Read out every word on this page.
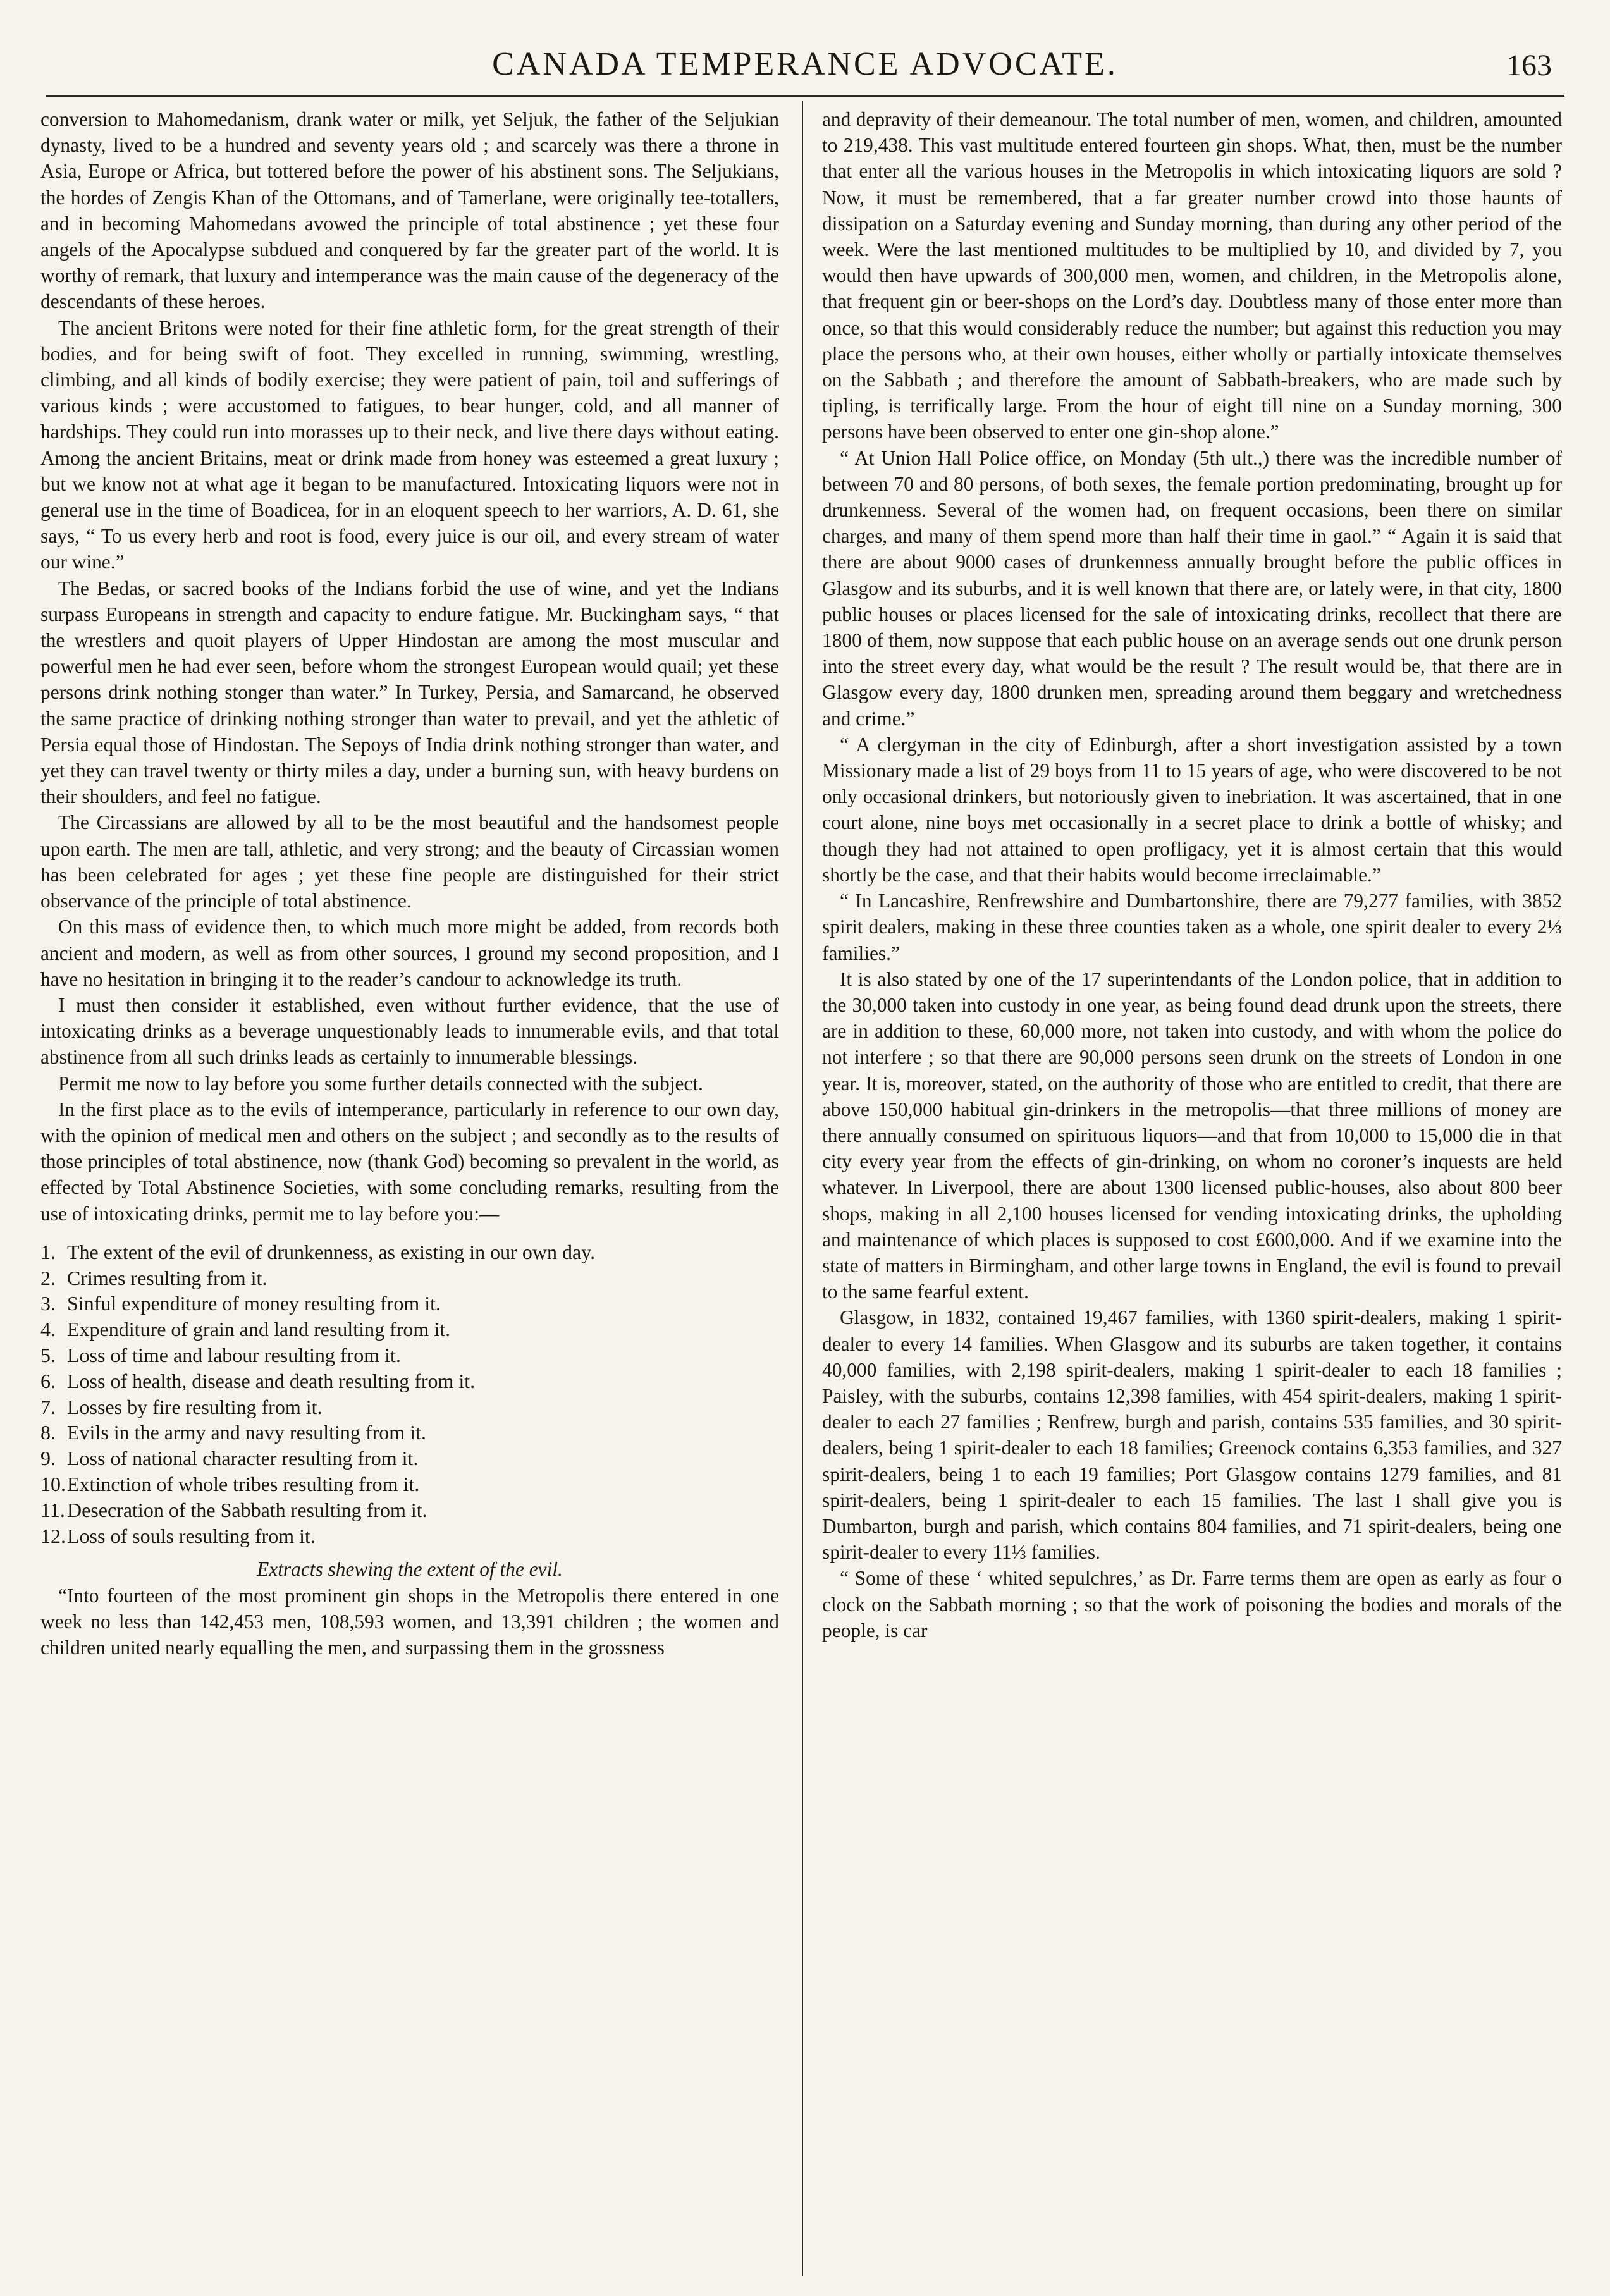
CANADA TEMPERANCE ADVOCATE.	163

conversion to Mahomedanism, drank water or milk, yet Seljuk, the father of the Seljukian dynasty, lived to be a hundred and seventy years old ; and scarcely was there a throne in Asia, Europe or Africa, but tottered before the power of his abstinent sons. The Seljukians, the hordes of Zengis Khan of the Ottomans, and of Tamerlane, were originally tee-totallers, and in becoming Mahomedans avowed the principle of total abstinence ; yet these four angels of the Apocalypse subdued and conquered by far the greater part of the world. It is worthy of remark, that luxury and intemperance was the main cause of the degeneracy of the descendants of these heroes.

The ancient Britons were noted for their fine athletic form, for the great strength of their bodies, and for being swift of foot. They excelled in running, swimming, wrestling, climbing, and all kinds of bodily exercise; they were patient of pain, toil and sufferings of various kinds ; were accustomed to fatigues, to bear hunger, cold, and all manner of hardships. They could run into morasses up to their neck, and live there days without eating. Among the ancient Britains, meat or drink made from honey was esteemed a great luxury ; but we know not at what age it began to be manufactured. Intoxicating liquors were not in general use in the time of Boadicea, for in an eloquent speech to her warriors, A. D. 61, she says, “ To us every herb and root is food, every juice is our oil, and every stream of water our wine.”

The Bedas, or sacred books of the Indians forbid the use of wine, and yet the Indians surpass Europeans in strength and capacity to endure fatigue. Mr. Buckingham says, “ that the wrestlers and quoit players of Upper Hindostan are among the most muscular and powerful men he had ever seen, before whom the strongest European would quail; yet these persons drink nothing stonger than water.” In Turkey, Persia, and Samarcand, he observed the same practice of drinking nothing stronger than water to prevail, and yet the athletic of Persia equal those of Hindostan. The Sepoys of India drink nothing stronger than water, and yet they can travel twenty or thirty miles a day, under a burning sun, with heavy burdens on their shoulders, and feel no fatigue.

The Circassians are allowed by all to be the most beautiful and the handsomest people upon earth. The men are tall, athletic, and very strong; and the beauty of Circassian women has been celebrated for ages ; yet these fine people are distinguished for their strict observance of the principle of total abstinence.

On this mass of evidence then, to which much more might be added, from records both ancient and modern, as well as from other sources, I ground my second proposition, and I have no hesitation in bringing it to the reader’s candour to acknowledge its truth.

I must then consider it established, even without further evidence, that the use of intoxicating drinks as a beverage unquestionably leads to innumerable evils, and that total abstinence from all such drinks leads as certainly to innumerable blessings.

Permit me now to lay before you some further details connected with the subject.

In the first place as to the evils of intemperance, particularly in reference to our own day, with the opinion of medical men and others on the subject ; and secondly as to the results of those principles of total abstinence, now (thank God) becoming so prevalent in the world, as effected by Total Abstinence Societies, with some concluding remarks, resulting from the use of intoxicating drinks, permit me to lay before you:—

1. The extent of the evil of drunkenness, as existing in our own day.
2. Crimes resulting from it.
3. Sinful expenditure of money resulting from it.
4. Expenditure of grain and land resulting from it.
5. Loss of time and labour resulting from it.
6. Loss of health, disease and death resulting from it.
7. Losses by fire resulting from it.
8. Evils in the army and navy resulting from it.
9. Loss of national character resulting from it.
10.Extinction of whole tribes resulting from it.
11.Desecration of the Sabbath resulting from it.
12.Loss of souls resulting from it.

Extracts shewing the extent of the evil.

“Into fourteen of the most prominent gin shops in the Metropolis there entered in one week no less than 142,453 men, 108,593 women, and 13,391 children ; the women and children united nearly equalling the men, and surpassing them in the grossness

and depravity of their demeanour. The total number of men, women, and children, amounted to 219,438. This vast multitude entered fourteen gin shops. What, then, must be the number that enter all the various houses in the Metropolis in which intoxicating liquors are sold ? Now, it must be remembered, that a far greater number crowd into those haunts of dissipation on a Saturday evening and Sunday morning, than during any other period of the week. Were the last mentioned multitudes to be multiplied by 10, and divided by 7, you would then have upwards of 300,000 men, women, and children, in the Metropolis alone, that frequent gin or beer-shops on the Lord’s day. Doubtless many of those enter more than once, so that this would considerably reduce the number; but against this reduction you may place the persons who, at their own houses, either wholly or partially intoxicate themselves on the Sabbath ; and therefore the amount of Sabbath-breakers, who are made such by tipling, is terrifically large. From the hour of eight till nine on a Sunday morning, 300 persons have been observed to enter one gin-shop alone.”

“ At Union Hall Police office, on Monday (5th ult.,) there was the incredible number of between 70 and 80 persons, of both sexes, the female portion predominating, brought up for drunkenness. Several of the women had, on frequent occasions, been there on similar charges, and many of them spend more than half their time in gaol.” “ Again it is said that there are about 9000 cases of drunkenness annually brought before the public offices in Glasgow and its suburbs, and it is well known that there are, or lately were, in that city, 1800 public houses or places licensed for the sale of intoxicating drinks, recollect that there are 1800 of them, now suppose that each public house on an average sends out one drunk person into the street every day, what would be the result ? The result would be, that there are in Glasgow every day, 1800 drunken men, spreading around them beggary and wretchedness and crime.”

“ A clergyman in the city of Edinburgh, after a short investigation assisted by a town Missionary made a list of 29 boys from 11 to 15 years of age, who were discovered to be not only occasional drinkers, but notoriously given to inebriation. It was ascertained, that in one court alone, nine boys met occasionally in a secret place to drink a bottle of whisky; and though they had not attained to open profligacy, yet it is almost certain that this would shortly be the case, and that their habits would become irreclaimable.”

“ In Lancashire, Renfrewshire and Dumbartonshire, there are 79,277 families, with 3852 spirit dealers, making in these three counties taken as a whole, one spirit dealer to every 2⅓ families.”

It is also stated by one of the 17 superintendants of the London police, that in addition to the 30,000 taken into custody in one year, as being found dead drunk upon the streets, there are in addition to these, 60,000 more, not taken into custody, and with whom the police do not interfere ; so that there are 90,000 persons seen drunk on the streets of London in one year. It is, moreover, stated, on the authority of those who are entitled to credit, that there are above 150,000 habitual gin-drinkers in the metropolis—that three millions of money are there annually consumed on spirituous liquors—and that from 10,000 to 15,000 die in that city every year from the effects of gin-drinking, on whom no coroner’s inquests are held whatever. In Liverpool, there are about 1300 licensed public-houses, also about 800 beer shops, making in all 2,100 houses licensed for vending intoxicating drinks, the upholding and maintenance of which places is supposed to cost £600,000. And if we examine into the state of matters in Birmingham, and other large towns in England, the evil is found to prevail to the same fearful extent.

Glasgow, in 1832, contained 19,467 families, with 1360 spirit-dealers, making 1 spirit-dealer to every 14 families. When Glasgow and its suburbs are taken together, it contains 40,000 families, with 2,198 spirit-dealers, making 1 spirit-dealer to each 18 families ; Paisley, with the suburbs, contains 12,398 families, with 454 spirit-dealers, making 1 spirit-dealer to each 27 families ; Renfrew, burgh and parish, contains 535 families, and 30 spirit-dealers, being 1 spirit-dealer to each 18 families; Greenock contains 6,353 families, and 327 spirit-dealers, being 1 to each 19 families; Port Glasgow contains 1279 families, and 81 spirit-dealers, being 1 spirit-dealer to each 15 families. The last I shall give you is Dumbarton, burgh and parish, which contains 804 families, and 71 spirit-dealers, being one spirit-dealer to every 11⅓ families.

“ Some of these ‘ whited sepulchres,’ as Dr. Farre terms them are open as early as four o clock on the Sabbath morning ; so that the work of poisoning the bodies and morals of the people, is car
